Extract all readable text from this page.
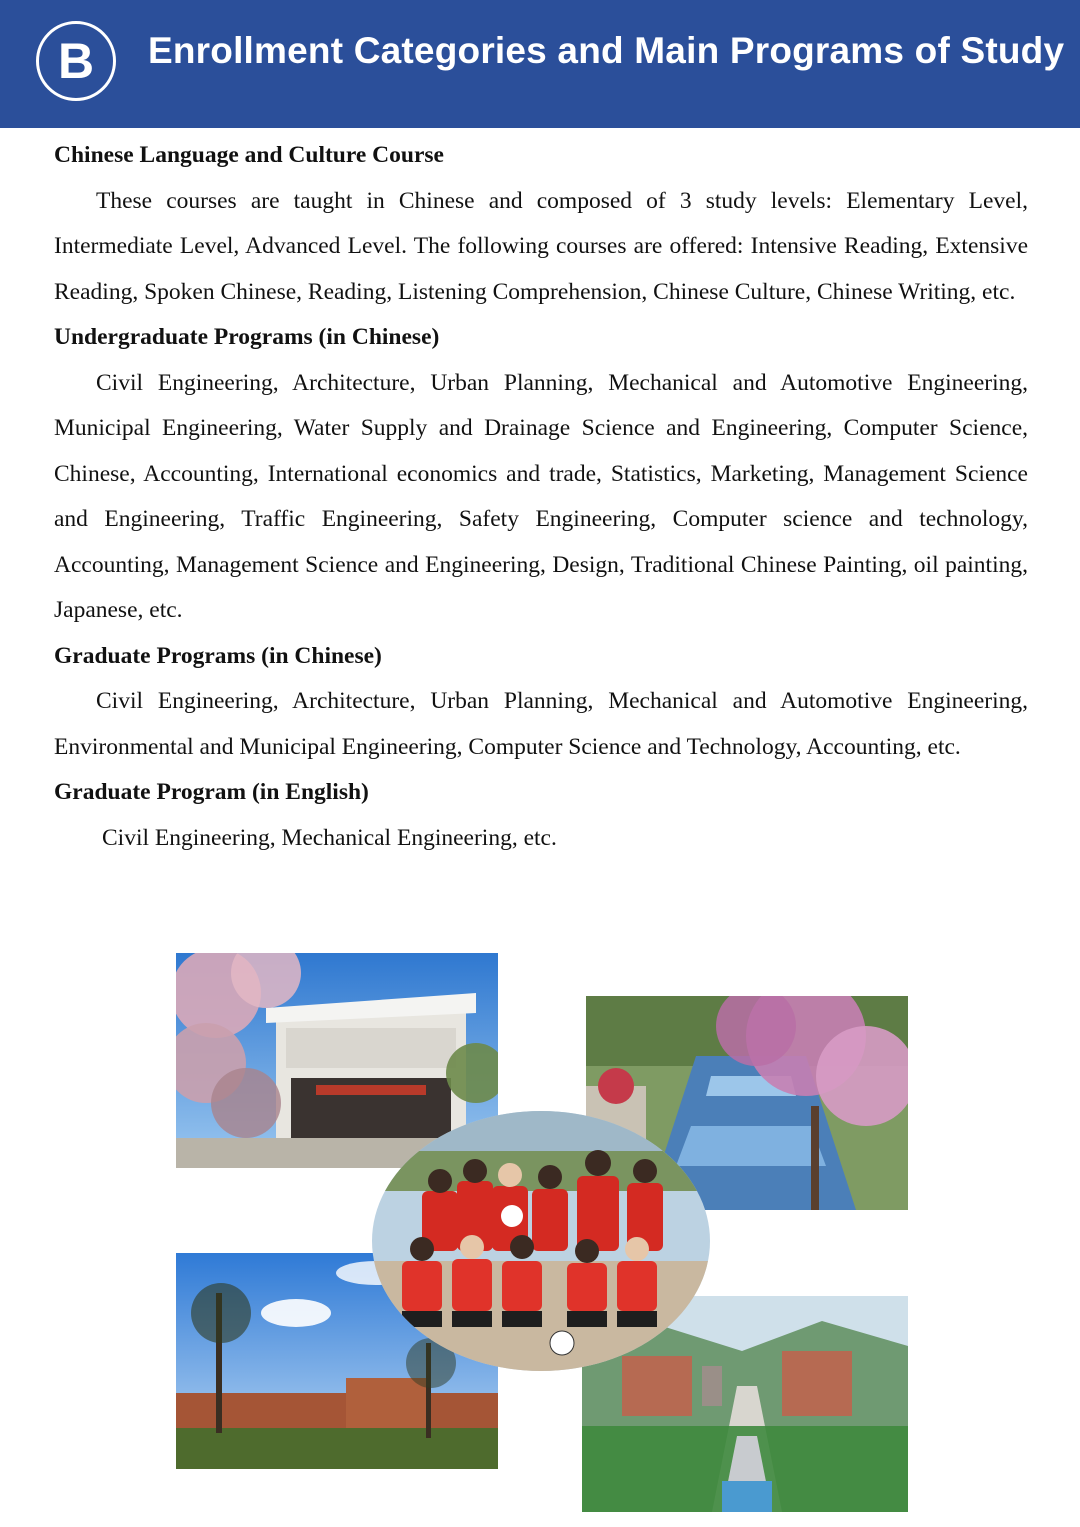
B	Enrollment Categories and Main Programs of Study

Chinese Language and Culture Course

These courses are taught in Chinese and composed of 3 study levels: Elementary Level, Intermediate Level, Advanced Level. The following courses are offered: Intensive Reading, Extensive Reading, Spoken Chinese, Reading, Listening Comprehension, Chinese Culture, Chinese Writing, etc.

Undergraduate Programs (in Chinese)

Civil Engineering, Architecture, Urban Planning, Mechanical and Automotive Engineering, Municipal Engineering, Water Supply and Drainage Science and Engineering, Computer Science, Chinese, Accounting, International economics and trade, Statistics, Marketing, Management Science and Engineering, Traffic Engineering, Safety Engineering, Computer science and technology, Accounting, Management Science and Engineering, Design, Traditional Chinese Painting, oil painting, Japanese, etc.

Graduate Programs (in Chinese)

Civil Engineering, Architecture, Urban Planning, Mechanical and Automotive Engineering, Environmental and Municipal Engineering, Computer Science and Technology, Accounting, etc.

Graduate Program (in English)

Civil Engineering, Mechanical Engineering, etc.
